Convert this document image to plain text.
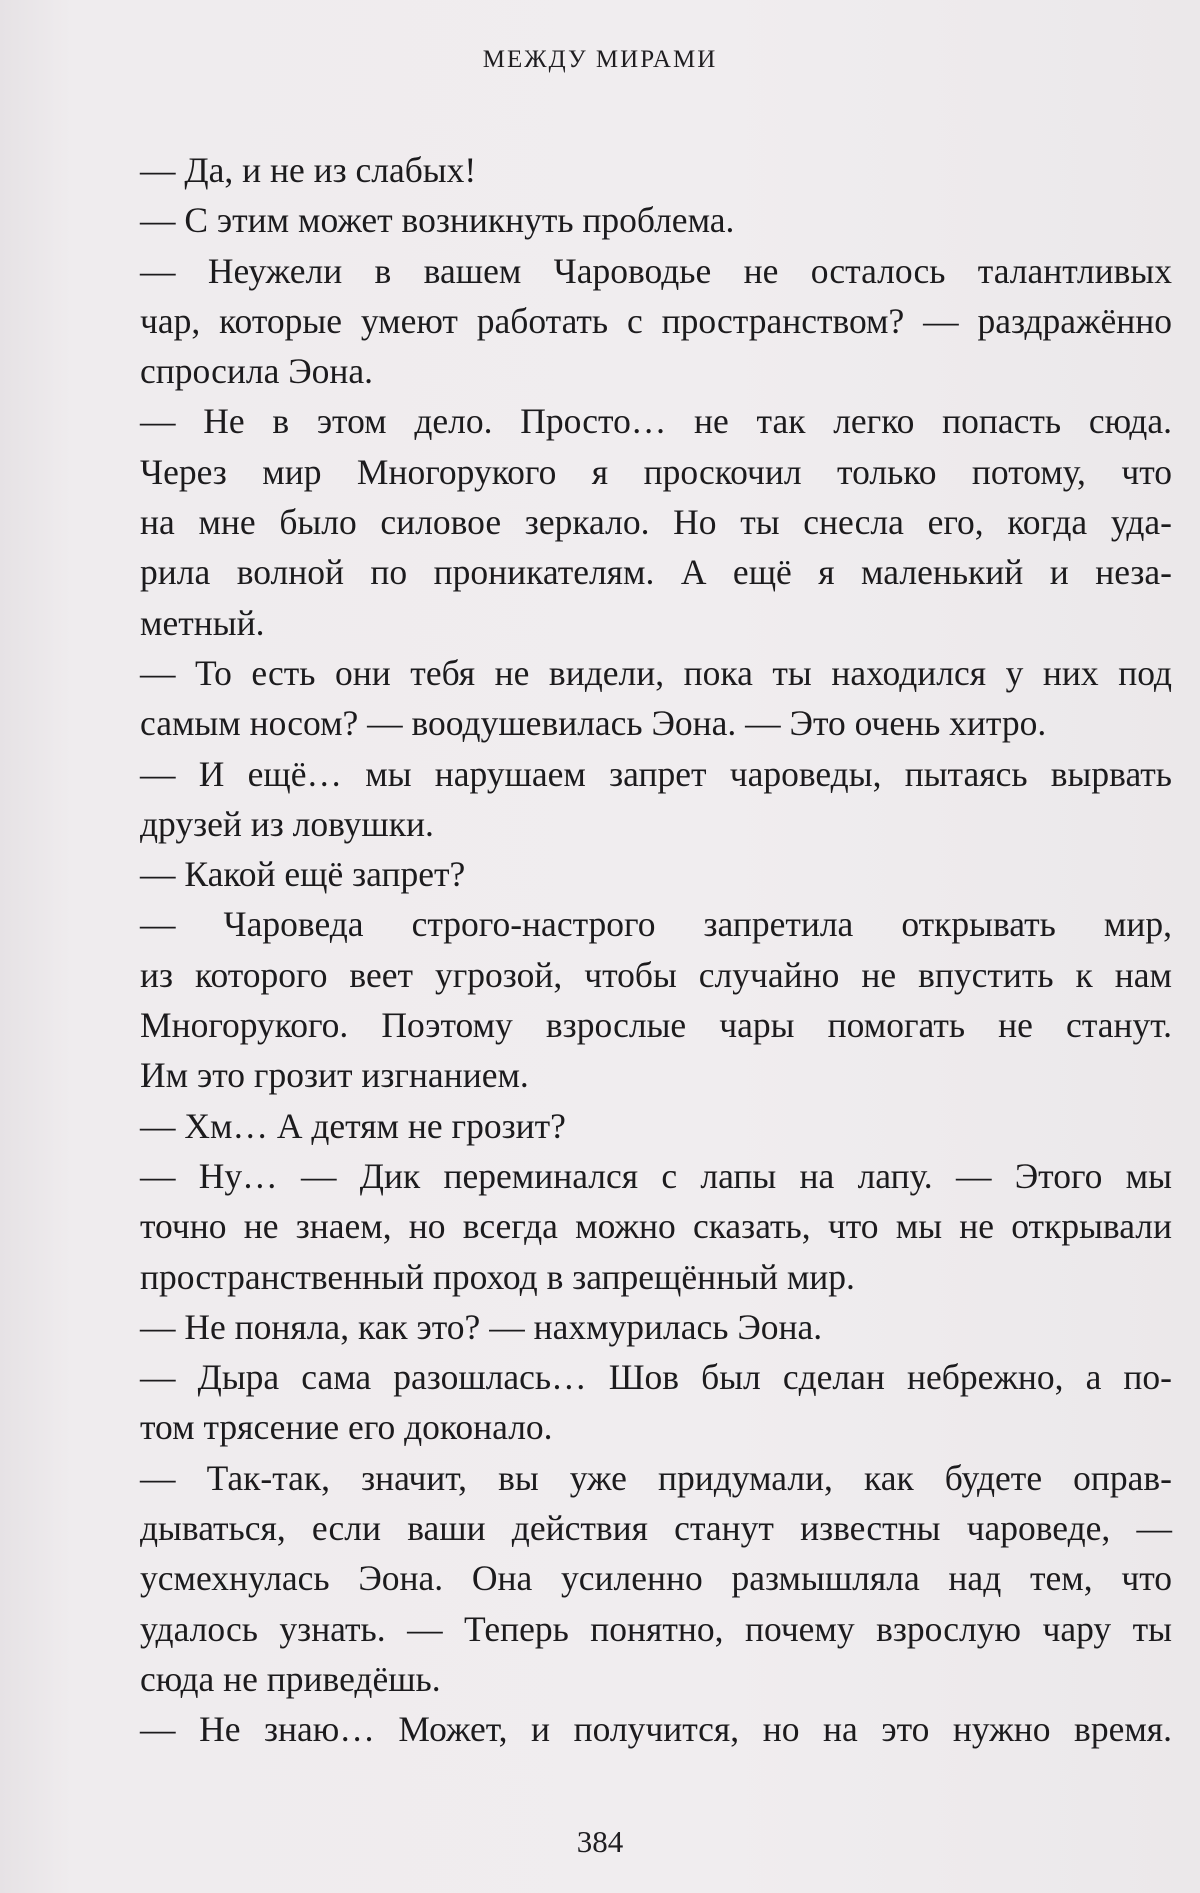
МЕЖДУ МИРАМИ
— Да, и не из слабых!
— С этим может возникнуть проблема.
— Неужели в вашем Чароводье не осталось талантливых
чар, которые умеют работать с пространством? — раздражённо
спросила Эона.
— Не в этом дело. Просто… не так легко попасть сюда.
Через мир Многорукого я проскочил только потому, что
на мне было силовое зеркало. Но ты снесла его, когда уда-
рила волной по проникателям. А ещё я маленький и неза-
метный.
— То есть они тебя не видели, пока ты находился у них под
самым носом? — воодушевилась Эона. — Это очень хитро.
— И ещё… мы нарушаем запрет чароведы, пытаясь вырвать
друзей из ловушки.
— Какой ещё запрет?
— Чароведа строго-настрого запретила открывать мир,
из которого веет угрозой, чтобы случайно не впустить к нам
Многорукого. Поэтому взрослые чары помогать не станут.
Им это грозит изгнанием.
— Хм… А детям не грозит?
— Ну… — Дик переминался с лапы на лапу. — Этого мы
точно не знаем, но всегда можно сказать, что мы не открывали
пространственный проход в запрещённый мир.
— Не поняла, как это? — нахмурилась Эона.
— Дыра сама разошлась… Шов был сделан небрежно, а по-
том трясение его доконало.
— Так-так, значит, вы уже придумали, как будете оправ-
дываться, если ваши действия станут известны чароведе, —
усмехнулась Эона. Она усиленно размышляла над тем, что
удалось узнать. — Теперь понятно, почему взрослую чару ты
сюда не приведёшь.
— Не знаю… Может, и получится, но на это нужно время.
384
